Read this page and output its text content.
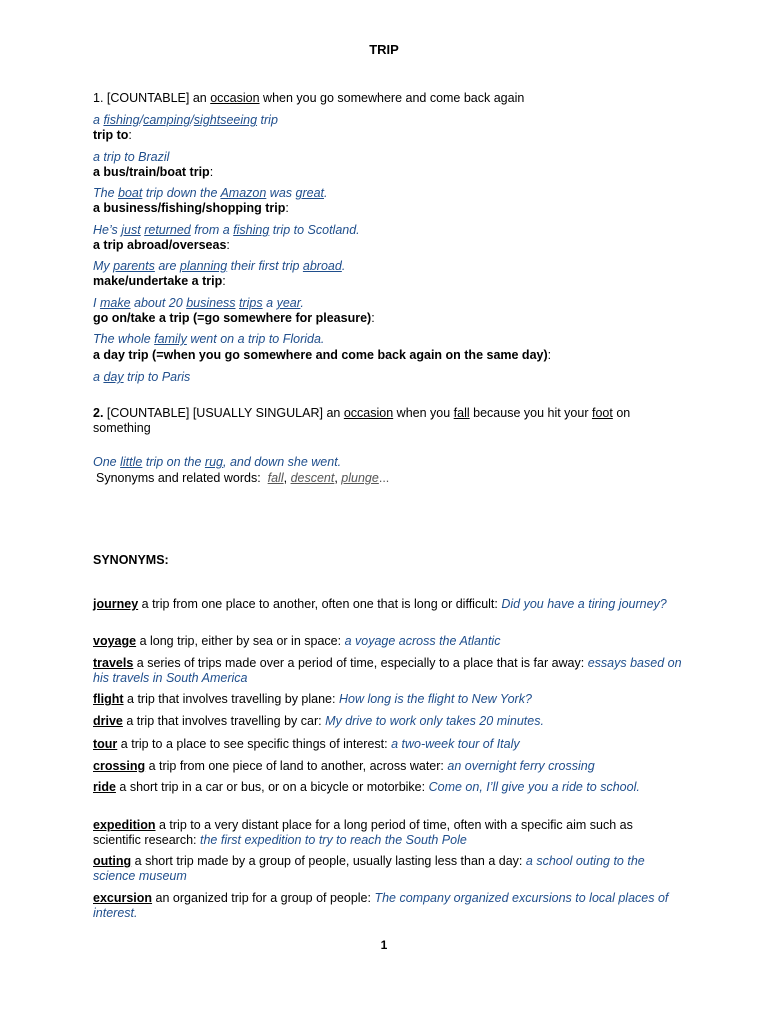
TRIP
1. [COUNTABLE] an occasion when you go somewhere and come back again
a fishing/camping/sightseeing trip
trip to:
a trip to Brazil
a bus/train/boat trip:
The boat trip down the Amazon was great.
a business/fishing/shopping trip:
He’s just returned from a fishing trip to Scotland.
a trip abroad/overseas:
My parents are planning their first trip abroad.
make/undertake a trip:
I make about 20 business trips a year.
go on/take a trip (=go somewhere for pleasure):
The whole family went on a trip to Florida.
a day trip (=when you go somewhere and come back again on the same day):
a day trip to Paris
2. [COUNTABLE] [USUALLY SINGULAR] an occasion when you fall because you hit your foot on something
One little trip on the rug, and down she went.
Synonyms and related words: fall, descent, plunge...
SYNONYMS:
journey a trip from one place to another, often one that is long or difficult: Did you have a tiring journey?
voyage a long trip, either by sea or in space: a voyage across the Atlantic
travels a series of trips made over a period of time, especially to a place that is far away: essays based on his travels in South America
flight a trip that involves travelling by plane: How long is the flight to New York?
drive a trip that involves travelling by car: My drive to work only takes 20 minutes.
tour a trip to a place to see specific things of interest: a two-week tour of Italy
crossing a trip from one piece of land to another, across water: an overnight ferry crossing
ride a short trip in a car or bus, or on a bicycle or motorbike: Come on, I’ll give you a ride to school.
expedition a trip to a very distant place for a long period of time, often with a specific aim such as scientific research: the first expedition to try to reach the South Pole
outing a short trip made by a group of people, usually lasting less than a day: a school outing to the science museum
excursion an organized trip for a group of people: The company organized excursions to local places of interest.
1
